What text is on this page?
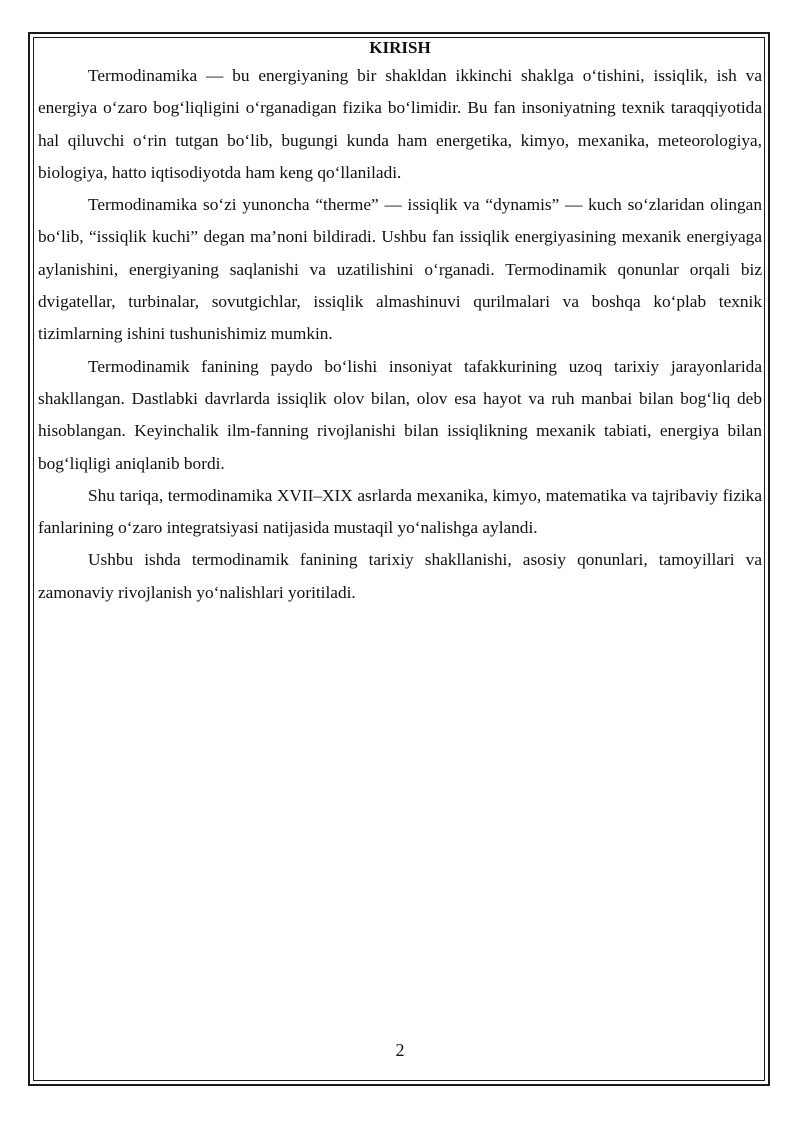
KIRISH

Termodinamika — bu energiyaning bir shakldan ikkinchi shaklga o‘tishini, issiqlik, ish va energiya o‘zaro bog‘liqligini o‘rganadigan fizika bo‘limidir. Bu fan insoniyatning texnik taraqqiyotida hal qiluvchi o‘rin tutgan bo‘lib, bugungi kunda ham energetika, kimyo, mexanika, meteorologiya, biologiya, hatto iqtisodiyotda ham keng qo‘llaniladi.

Termodinamika so‘zi yunoncha “therme” — issiqlik va “dynamis” — kuch so‘zlaridan olingan bo‘lib, “issiqlik kuchi” degan ma’noni bildiradi. Ushbu fan issiqlik energiyasining mexanik energiyaga aylanishini, energiyaning saqlanishi va uzatilishini o‘rganadi. Termodinamik qonunlar orqali biz dvigatellar, turbinalar, sovutgichlar, issiqlik almashinuvi qurilmalari va boshqa ko‘plab texnik tizimlarning ishini tushunishimiz mumkin.

Termodinamik fanining paydo bo‘lishi insoniyat tafakkurining uzoq tarixiy jarayonlarida shakllangan. Dastlabki davrlarda issiqlik olov bilan, olov esa hayot va ruh manbai bilan bog‘liq deb hisoblangan. Keyinchalik ilm-fanning rivojlanishi bilan issiqlikning mexanik tabiati, energiya bilan bog‘liqligi aniqlanib bordi.

Shu tariqa, termodinamika XVII–XIX asrlarda mexanika, kimyo, matematika va tajribaviy fizika fanlarining o‘zaro integratsiyasi natijasida mustaqil yo‘nalishga aylandi.

Ushbu ishda termodinamik fanining tarixiy shakllanishi, asosiy qonunlari, tamoyillari va zamonaviy rivojlanish yo‘nalishlari yoritiladi.

2
